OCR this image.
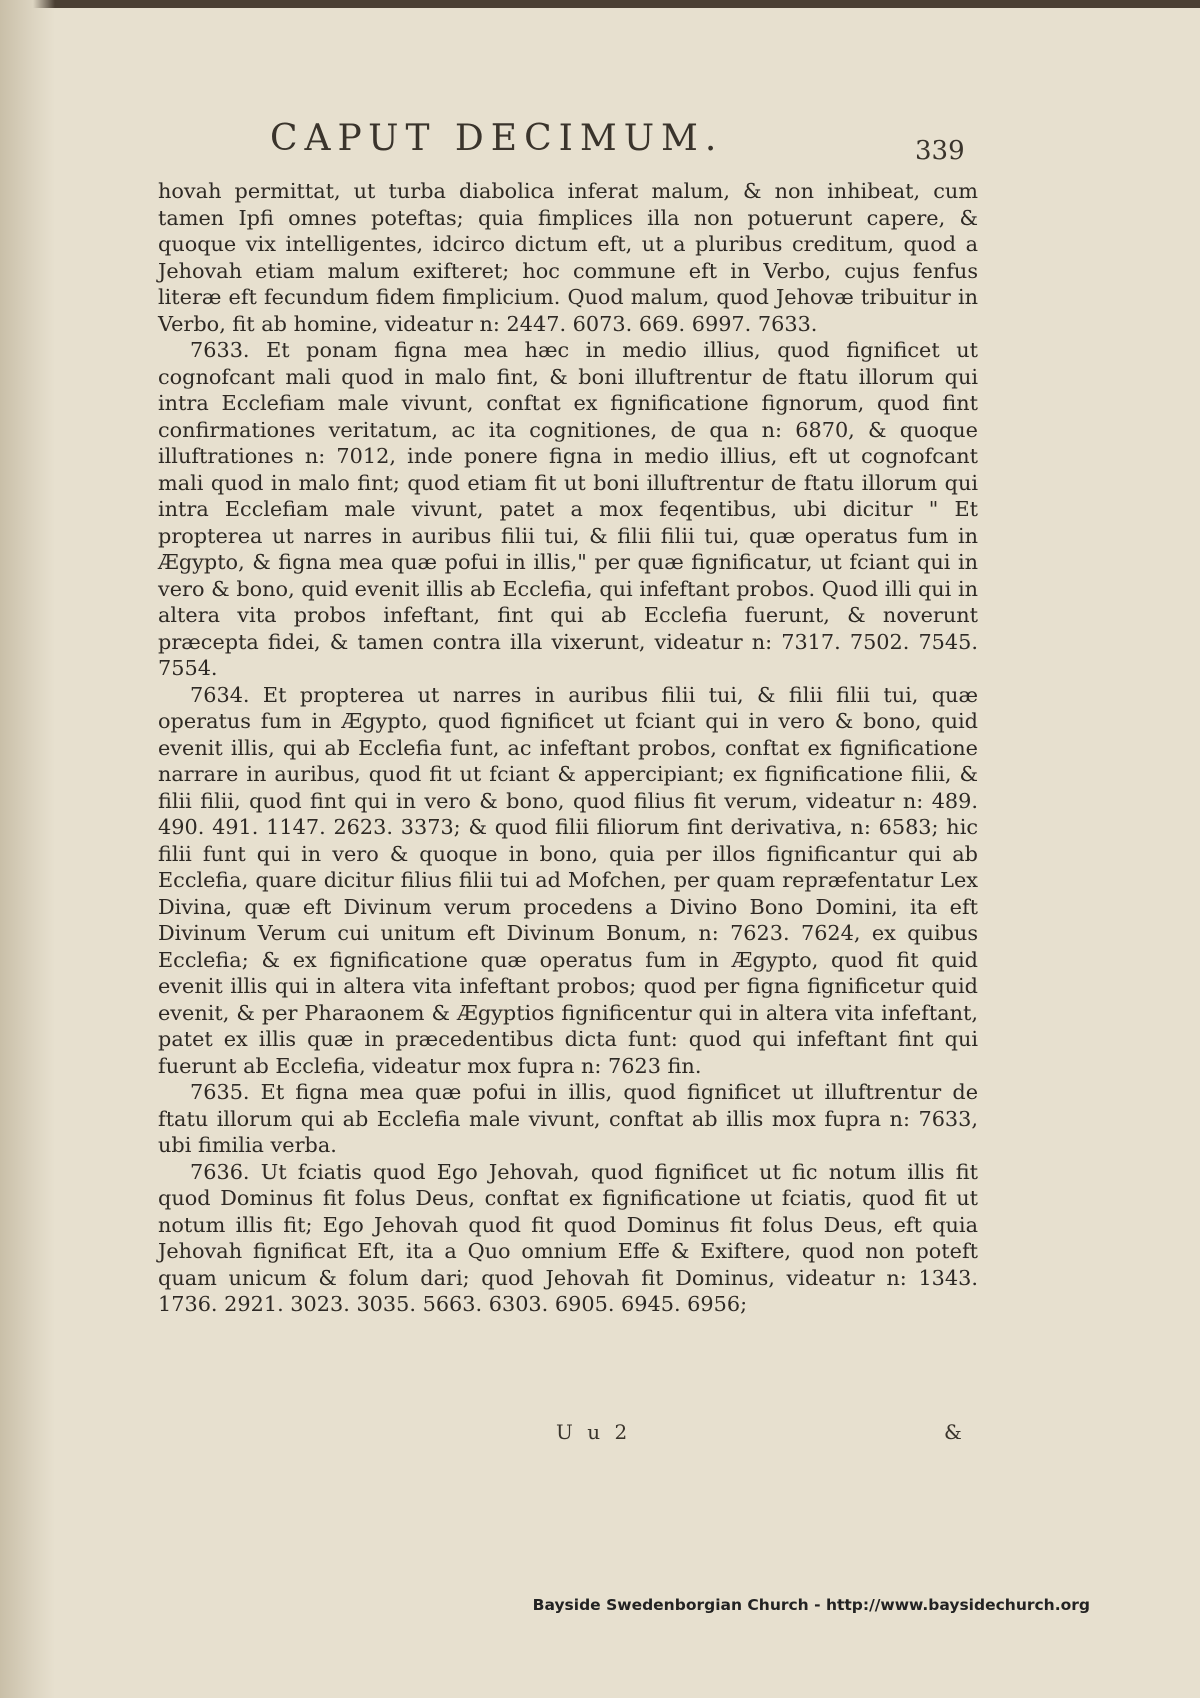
CAPUT DECIMUM.	339

hovah permittat, ut turba diabolica inferat malum, & non inhibeat, cum tamen Ipfi omnes poteftas; quia fimplices illa non potuerunt capere, & quoque vix intelligentes, idcirco dictum eft, ut a pluribus creditum, quod a Jehovah etiam malum exifteret; hoc commune eft in Verbo, cujus fenfus literæ eft fecundum fidem fimplicium. Quod malum, quod Jehovæ tribuitur in Verbo, fit ab homine, videatur n: 2447. 6073. 669. 6997. 7633.

7633. Et ponam figna mea hæc in medio illius, quod fignificet ut cognofcant mali quod in malo fint, & boni illuftrentur de ftatu illorum qui intra Ecclefiam male vivunt, conftat ex fignificatione fignorum, quod fint confirmationes veritatum, ac ita cognitiones, de qua n: 6870, & quoque illuftrationes n: 7012, inde ponere figna in medio illius, eft ut cognofcant mali quod in malo fint; quod etiam fit ut boni illuftrentur de ftatu illorum qui intra Ecclefiam male vivunt, patet a mox feqentibus, ubi dicitur " Et propterea ut narres in auribus filii tui, & filii filii tui, quæ operatus fum in Ægypto, & figna mea quæ pofui in illis," per quæ fignificatur, ut fciant qui in vero & bono, quid evenit illis ab Ecclefia, qui infeftant probos. Quod illi qui in altera vita probos infeftant, fint qui ab Ecclefia fuerunt, & noverunt præcepta fidei, & tamen contra illa vixerunt, videatur n: 7317. 7502. 7545. 7554.

7634. Et propterea ut narres in auribus filii tui, & filii filii tui, quæ operatus fum in Ægypto, quod fignificet ut fciant qui in vero & bono, quid evenit illis, qui ab Ecclefia funt, ac infeftant probos, conftat ex fignificatione narrare in auribus, quod fit ut fciant & appercipiant; ex fignificatione filii, & filii filii, quod fint qui in vero & bono, quod filius fit verum, videatur n: 489. 490. 491. 1147. 2623. 3373; & quod filii filiorum fint derivativa, n: 6583; hic filii funt qui in vero & quoque in bono, quia per illos fignificantur qui ab Ecclefia, quare dicitur filius filii tui ad Mofchen, per quam repræfentatur Lex Divina, quæ eft Divinum verum procedens a Divino Bono Domini, ita eft Divinum Verum cui unitum eft Divinum Bonum, n: 7623. 7624, ex quibus Ecclefia; & ex fignificatione quæ operatus fum in Ægypto, quod fit quid evenit illis qui in altera vita infeftant probos; quod per figna fignificetur quid evenit, & per Pharaonem & Ægyptios fignificentur qui in altera vita infeftant, patet ex illis quæ in præcedentibus dicta funt: quod qui infeftant fint qui fuerunt ab Ecclefia, videatur mox fupra n: 7623 fin.

7635. Et figna mea quæ pofui in illis, quod fignificet ut illuftrentur de ftatu illorum qui ab Ecclefia male vivunt, conftat ab illis mox fupra n: 7633, ubi fimilia verba.

7636. Ut fciatis quod Ego Jehovah, quod fignificet ut fic notum illis fit quod Dominus fit folus Deus, conftat ex fignificatione ut fciatis, quod fit ut notum illis fit; Ego Jehovah quod fit quod Dominus fit folus Deus, eft quia Jehovah fignificat Eft, ita a Quo omnium Effe & Exiftere, quod non poteft quam unicum & folum dari; quod Jehovah fit Dominus, videatur n: 1343. 1736. 2921. 3023. 3035. 5663. 6303. 6905. 6945. 6956;

U u 2	&
Bayside Swedenborgian Church - http://www.baysidechurch.org
